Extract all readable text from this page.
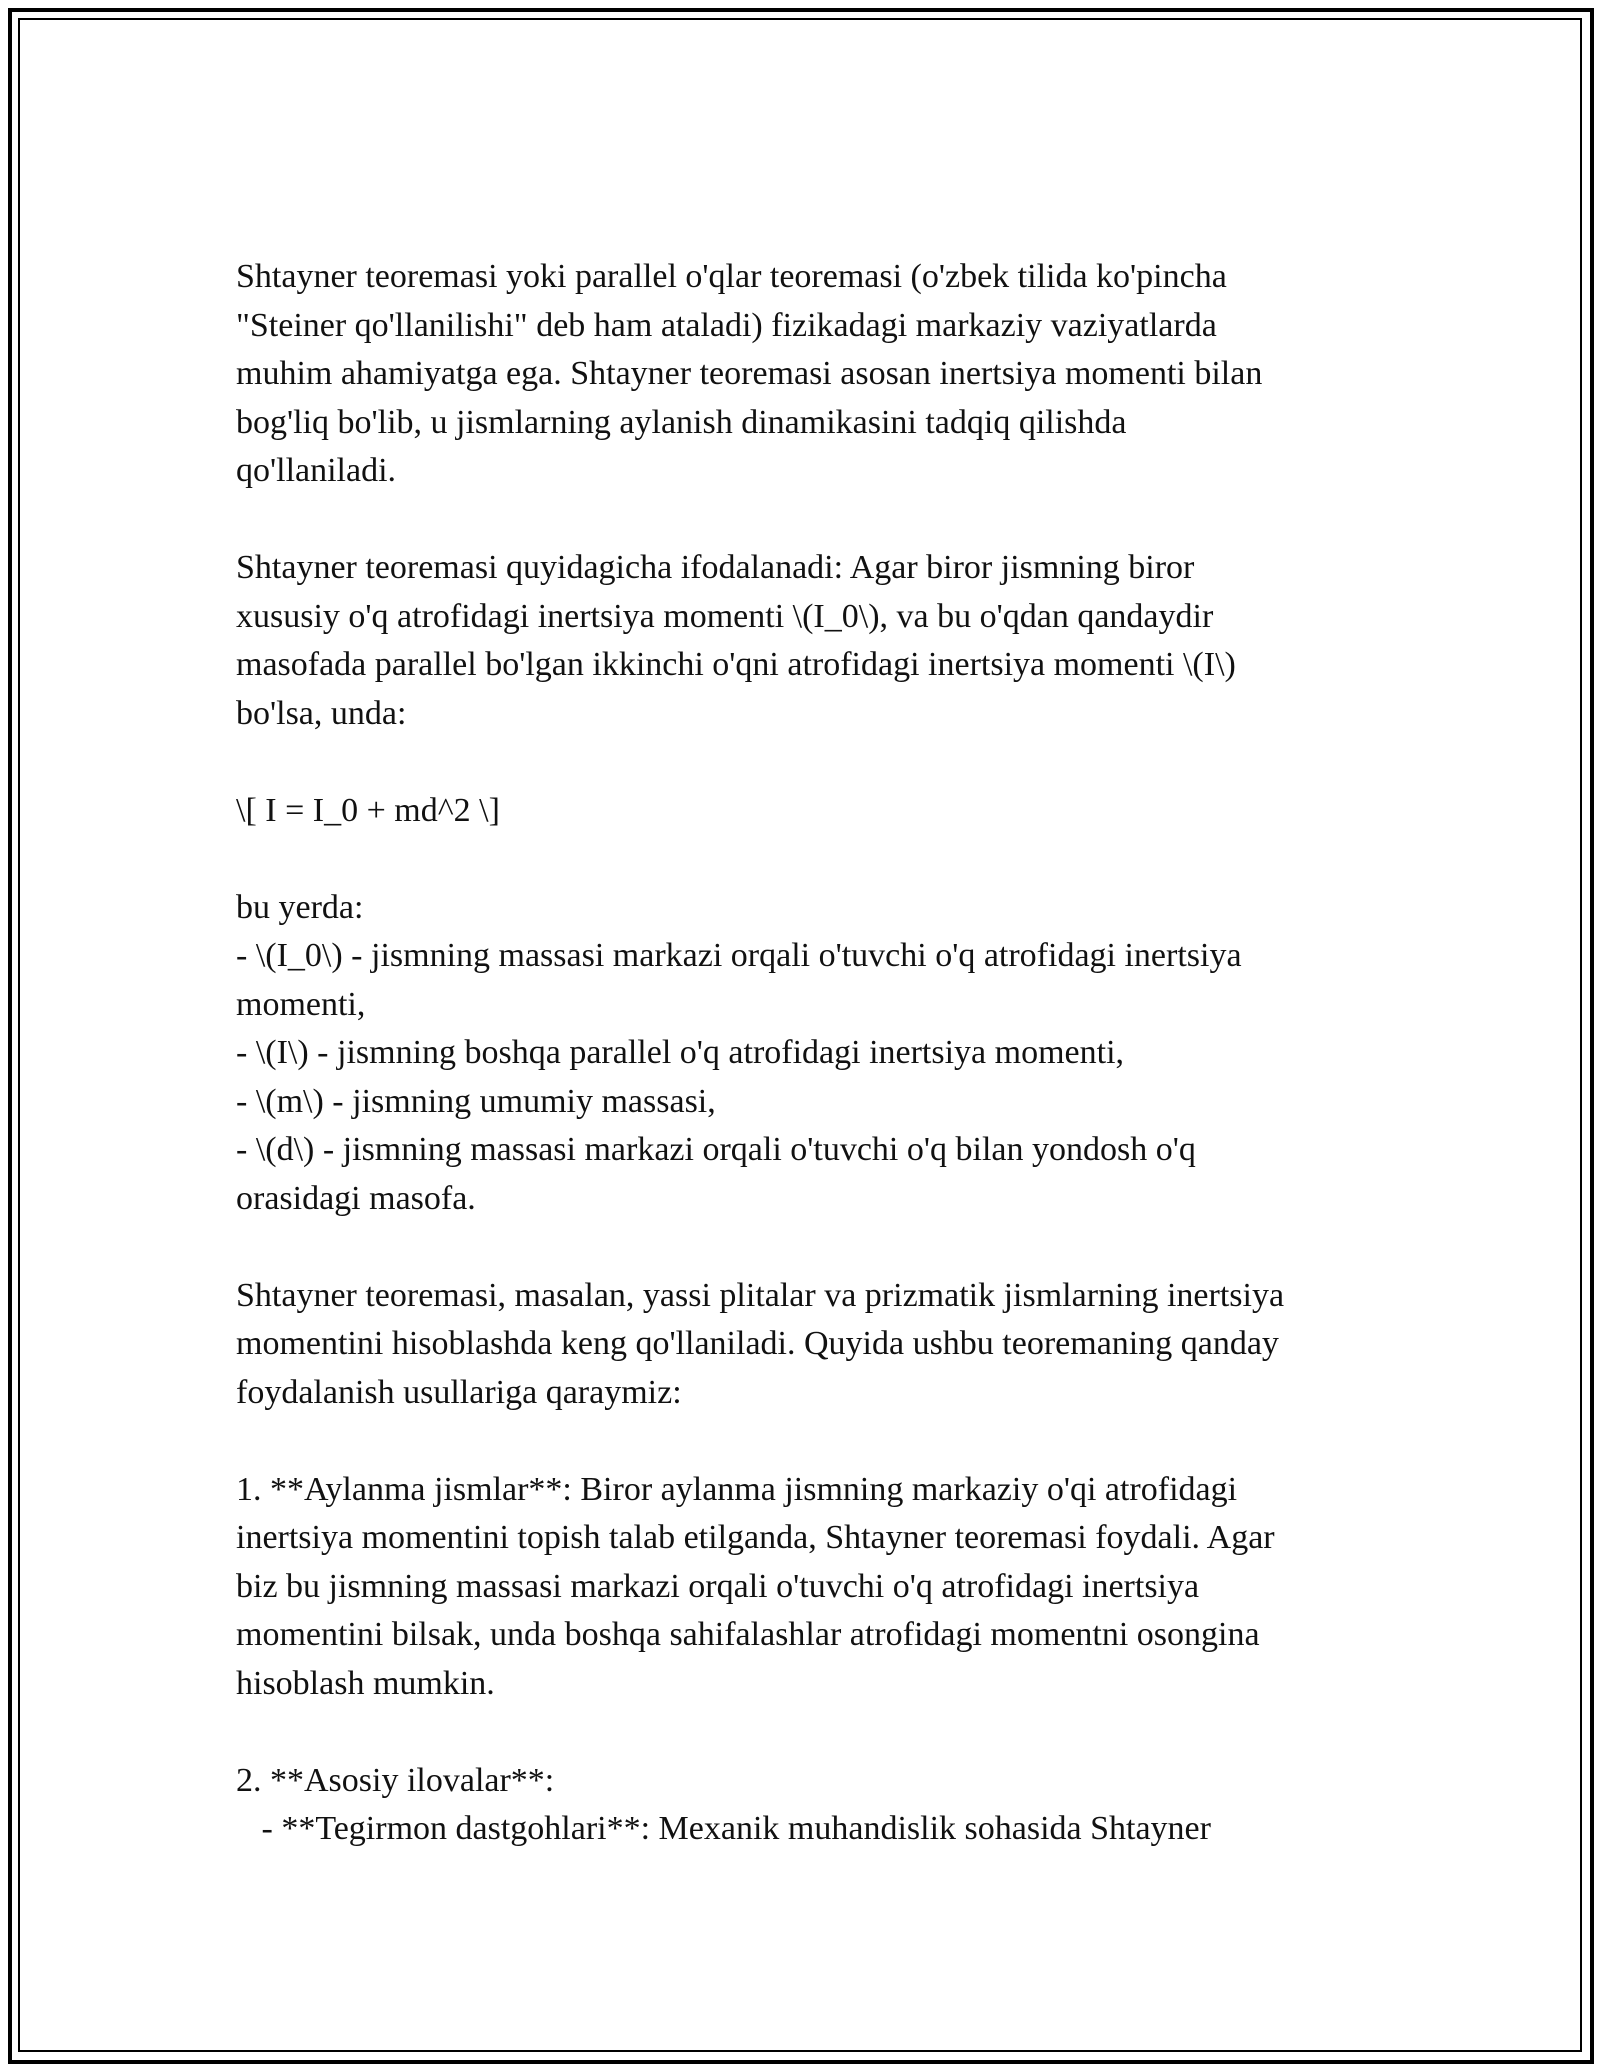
Shtayner teoremasi yoki parallel o'qlar teoremasi (o'zbek tilida ko'pincha
"Steiner qo'llanilishi" deb ham ataladi) fizikadagi markaziy vaziyatlarda
muhim ahamiyatga ega. Shtayner teoremasi asosan inertsiya momenti bilan
bog'liq bo'lib, u jismlarning aylanish dinamikasini tadqiq qilishda
qo'llaniladi.

Shtayner teoremasi quyidagicha ifodalanadi: Agar biror jismning biror
xususiy o'q atrofidagi inertsiya momenti \(I_0\), va bu o'qdan qandaydir
masofada parallel bo'lgan ikkinchi o'qni atrofidagi inertsiya momenti \(I\)
bo'lsa, unda:

\[ I = I_0 + md^2 \]

bu yerda:
- \(I_0\) - jismning massasi markazi orqali o'tuvchi o'q atrofidagi inertsiya
momenti,
- \(I\) - jismning boshqa parallel o'q atrofidagi inertsiya momenti,
- \(m\) - jismning umumiy massasi,
- \(d\) - jismning massasi markazi orqali o'tuvchi o'q bilan yondosh o'q
orasidagi masofa.

Shtayner teoremasi, masalan, yassi plitalar va prizmatik jismlarning inertsiya
momentini hisoblashda keng qo'llaniladi. Quyida ushbu teoremaning qanday
foydalanish usullariga qaraymiz:

1. **Aylanma jismlar**: Biror aylanma jismning markaziy o'qi atrofidagi
inertsiya momentini topish talab etilganda, Shtayner teoremasi foydali. Agar
biz bu jismning massasi markazi orqali o'tuvchi o'q atrofidagi inertsiya
momentini bilsak, unda boshqa sahifalashlar atrofidagi momentni osongina
hisoblash mumkin.

2. **Asosiy ilovalar**:
- **Tegirmon dastgohlari**: Mexanik muhandislik sohasida Shtayner
